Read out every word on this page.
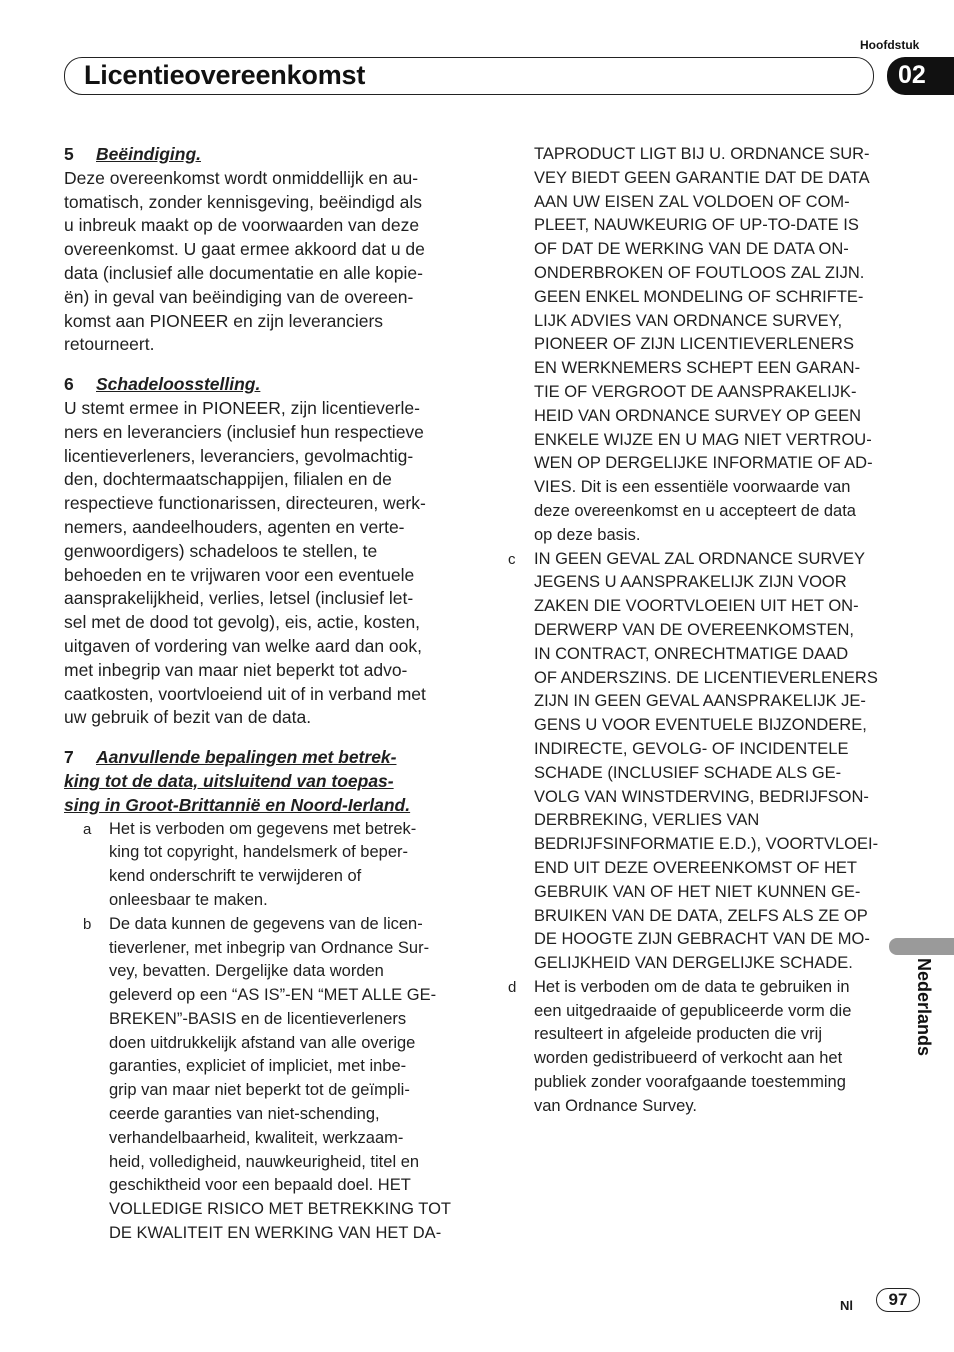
Hoofdstuk
Licentieovereenkomst	02
5 Beëindiging.
Deze overeenkomst wordt onmiddellijk en au-
tomatisch, zonder kennisgeving, beëindigd als
u inbreuk maakt op de voorwaarden van deze
overeenkomst. U gaat ermee akkoord dat u de
data (inclusief alle documentatie en alle kopie-
ën) in geval van beëindiging van de overeen-
komst aan PIONEER en zijn leveranciers
retourneert.
6 Schadeloosstelling.
U stemt ermee in PIONEER, zijn licentieverle-
ners en leveranciers (inclusief hun respectieve
licentieverleners, leveranciers, gevolmachtig-
den, dochtermaatschappijen, filialen en de
respectieve functionarissen, directeuren, werk-
nemers, aandeelhouders, agenten en verte-
genwoordigers) schadeloos te stellen, te
behoeden en te vrijwaren voor een eventuele
aansprakelijkheid, verlies, letsel (inclusief let-
sel met de dood tot gevolg), eis, actie, kosten,
uitgaven of vordering van welke aard dan ook,
met inbegrip van maar niet beperkt tot advo-
caatkosten, voortvloeiend uit of in verband met
uw gebruik of bezit van de data.
7 Aanvullende bepalingen met betrek-
king tot de data, uitsluitend van toepas-
sing in Groot-Brittannië en Noord-Ierland.
a Het is verboden om gegevens met betrek-
king tot copyright, handelsmerk of beper-
kend onderschrift te verwijderen of
onleesbaar te maken.
b De data kunnen de gegevens van de licen-
tieverlener, met inbegrip van Ordnance Sur-
vey, bevatten. Dergelijke data worden
geleverd op een “AS IS”-EN “MET ALLE GE-
BREKEN”-BASIS en de licentieverleners
doen uitdrukkelijk afstand van alle overige
garanties, expliciet of impliciet, met inbe-
grip van maar niet beperkt tot de geïmpli-
ceerde garanties van niet-schending,
verhandelbaarheid, kwaliteit, werkzaam-
heid, volledigheid, nauwkeurigheid, titel en
geschiktheid voor een bepaald doel. HET
VOLLEDIGE RISICO MET BETREKKING TOT
DE KWALITEIT EN WERKING VAN HET DA-
TAPRODUCT LIGT BIJ U. ORDNANCE SUR-
VEY BIEDT GEEN GARANTIE DAT DE DATA
AAN UW EISEN ZAL VOLDOEN OF COM-
PLEET, NAUWKEURIG OF UP-TO-DATE IS
OF DAT DE WERKING VAN DE DATA ON-
ONDERBROKEN OF FOUTLOOS ZAL ZIJN.
GEEN ENKEL MONDELING OF SCHRIFTE-
LIJK ADVIES VAN ORDNANCE SURVEY,
PIONEER OF ZIJN LICENTIEVERLENERS
EN WERKNEMERS SCHEPT EEN GARAN-
TIE OF VERGROOT DE AANSPRAKELIJK-
HEID VAN ORDNANCE SURVEY OP GEEN
ENKELE WIJZE EN U MAG NIET VERTROU-
WEN OP DERGELIJKE INFORMATIE OF AD-
VIES. Dit is een essentiële voorwaarde van
deze overeenkomst en u accepteert de data
op deze basis.
c IN GEEN GEVAL ZAL ORDNANCE SURVEY
JEGENS U AANSPRAKELIJK ZIJN VOOR
ZAKEN DIE VOORTVLOEIEN UIT HET ON-
DERWERP VAN DE OVEREENKOMSTEN,
IN CONTRACT, ONRECHTMATIGE DAAD
OF ANDERSZINS. DE LICENTIEVERLENERS
ZIJN IN GEEN GEVAL AANSPRAKELIJK JE-
GENS U VOOR EVENTUELE BIJZONDERE,
INDIRECTE, GEVOLG- OF INCIDENTELE
SCHADE (INCLUSIEF SCHADE ALS GE-
VOLG VAN WINSTDERVING, BEDRIJFSON-
DERBREKING, VERLIES VAN
BEDRIJFSINFORMATIE E.D.), VOORTVLOEI-
END UIT DEZE OVEREENKOMST OF HET
GEBRUIK VAN OF HET NIET KUNNEN GE-
BRUIKEN VAN DE DATA, ZELFS ALS ZE OP
DE HOOGTE ZIJN GEBRACHT VAN DE MO-
GELIJKHEID VAN DERGELIJKE SCHADE.
d Het is verboden om de data te gebruiken in
een uitgedraaide of gepubliceerde vorm die
resulteert in afgeleide producten die vrij
worden gedistribueerd of verkocht aan het
publiek zonder voorafgaande toestemming
van Ordnance Survey.
Nederlands
Nl	97
